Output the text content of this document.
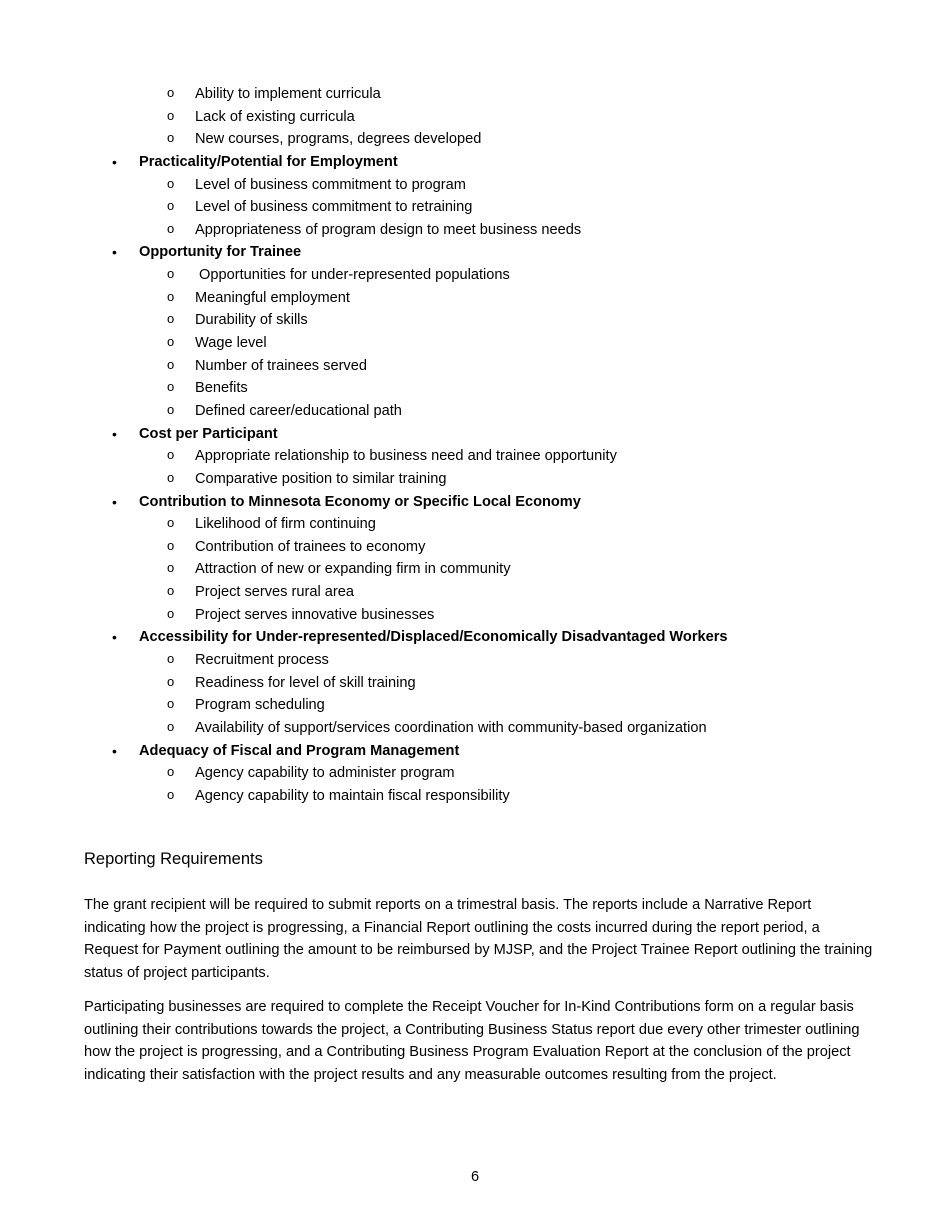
o Ability to implement curricula
o Lack of existing curricula
o New courses, programs, degrees developed
• Practicality/Potential for Employment
o Level of business commitment to program
o Level of business commitment to retraining
o Appropriateness of program design to meet business needs
• Opportunity for Trainee
o Opportunities for under-represented populations
o Meaningful employment
o Durability of skills
o Wage level
o Number of trainees served
o Benefits
o Defined career/educational path
• Cost per Participant
o Appropriate relationship to business need and trainee opportunity
o Comparative position to similar training
• Contribution to Minnesota Economy or Specific Local Economy
o Likelihood of firm continuing
o Contribution of trainees to economy
o Attraction of new or expanding firm in community
o Project serves rural area
o Project serves innovative businesses
• Accessibility for Under-represented/Displaced/Economically Disadvantaged Workers
o Recruitment process
o Readiness for level of skill training
o Program scheduling
o Availability of support/services coordination with community-based organization
• Adequacy of Fiscal and Program Management
o Agency capability to administer program
o Agency capability to maintain fiscal responsibility
Reporting Requirements

The grant recipient will be required to submit reports on a trimestral basis. The reports include a Narrative Report indicating how the project is progressing, a Financial Report outlining the costs incurred during the report period, a Request for Payment outlining the amount to be reimbursed by MJSP, and the Project Trainee Report outlining the training status of project participants.

Participating businesses are required to complete the Receipt Voucher for In-Kind Contributions form on a regular basis outlining their contributions towards the project, a Contributing Business Status report due every other trimester outlining how the project is progressing, and a Contributing Business Program Evaluation Report at the conclusion of the project indicating their satisfaction with the project results and any measurable outcomes resulting from the project.

6
